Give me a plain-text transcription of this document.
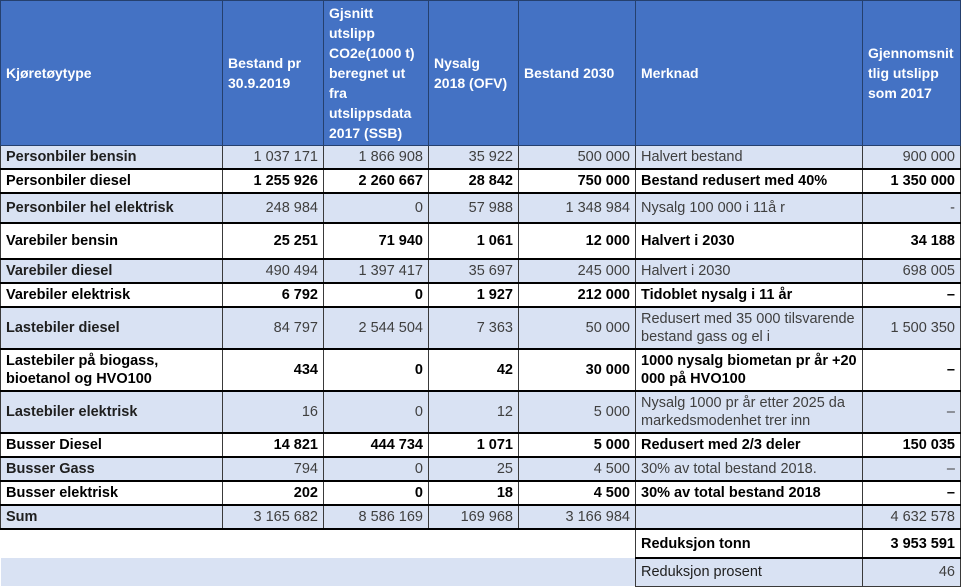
Kjøretøytype	Bestand pr 30.9.2019	Gjsnitt utslipp CO2e(1000 t) beregnet ut fra utslippsdata 2017 (SSB)	Nysalg 2018 (OFV)	Bestand 2030	Merknad	Gjennomsnittlig utslipp som 2017
Personbiler bensin	1 037 171	1 866 908	35 922	500 000	Halvert bestand	900 000
Personbiler diesel	1 255 926	2 260 667	28 842	750 000	Bestand redusert med 40%	1 350 000
Personbiler hel elektrisk	248 984	0	57 988	1 348 984	Nysalg 100 000 i 11å r	-
Varebiler bensin	25 251	71 940	1 061	12 000	Halvert i 2030	34 188
Varebiler diesel	490 494	1 397 417	35 697	245 000	Halvert i 2030	698 005
Varebiler elektrisk	6 792	0	1 927	212 000	Tidoblet nysalg i 11 år	–
Lastebiler diesel	84 797	2 544 504	7 363	50 000	Redusert med 35 000 tilsvarende bestand gass og el i	1 500 350
Lastebiler på biogass, bioetanol og HVO100	434	0	42	30 000	1000 nysalg biometan pr år +20 000 på HVO100	–
Lastebiler elektrisk	16	0	12	5 000	Nysalg 1000 pr år etter 2025 da markedsmodenhet trer inn	–
Busser Diesel	14 821	444 734	1 071	5 000	Redusert med 2/3 deler	150 035
Busser Gass	794	0	25	4 500	30% av total bestand 2018.	–
Busser elektrisk	202	0	18	4 500	30% av total bestand 2018	–
Sum	3 165 682	8 586 169	169 968	3 166 984		4 632 578
					Reduksjon tonn	3 953 591
					Reduksjon prosent	46
